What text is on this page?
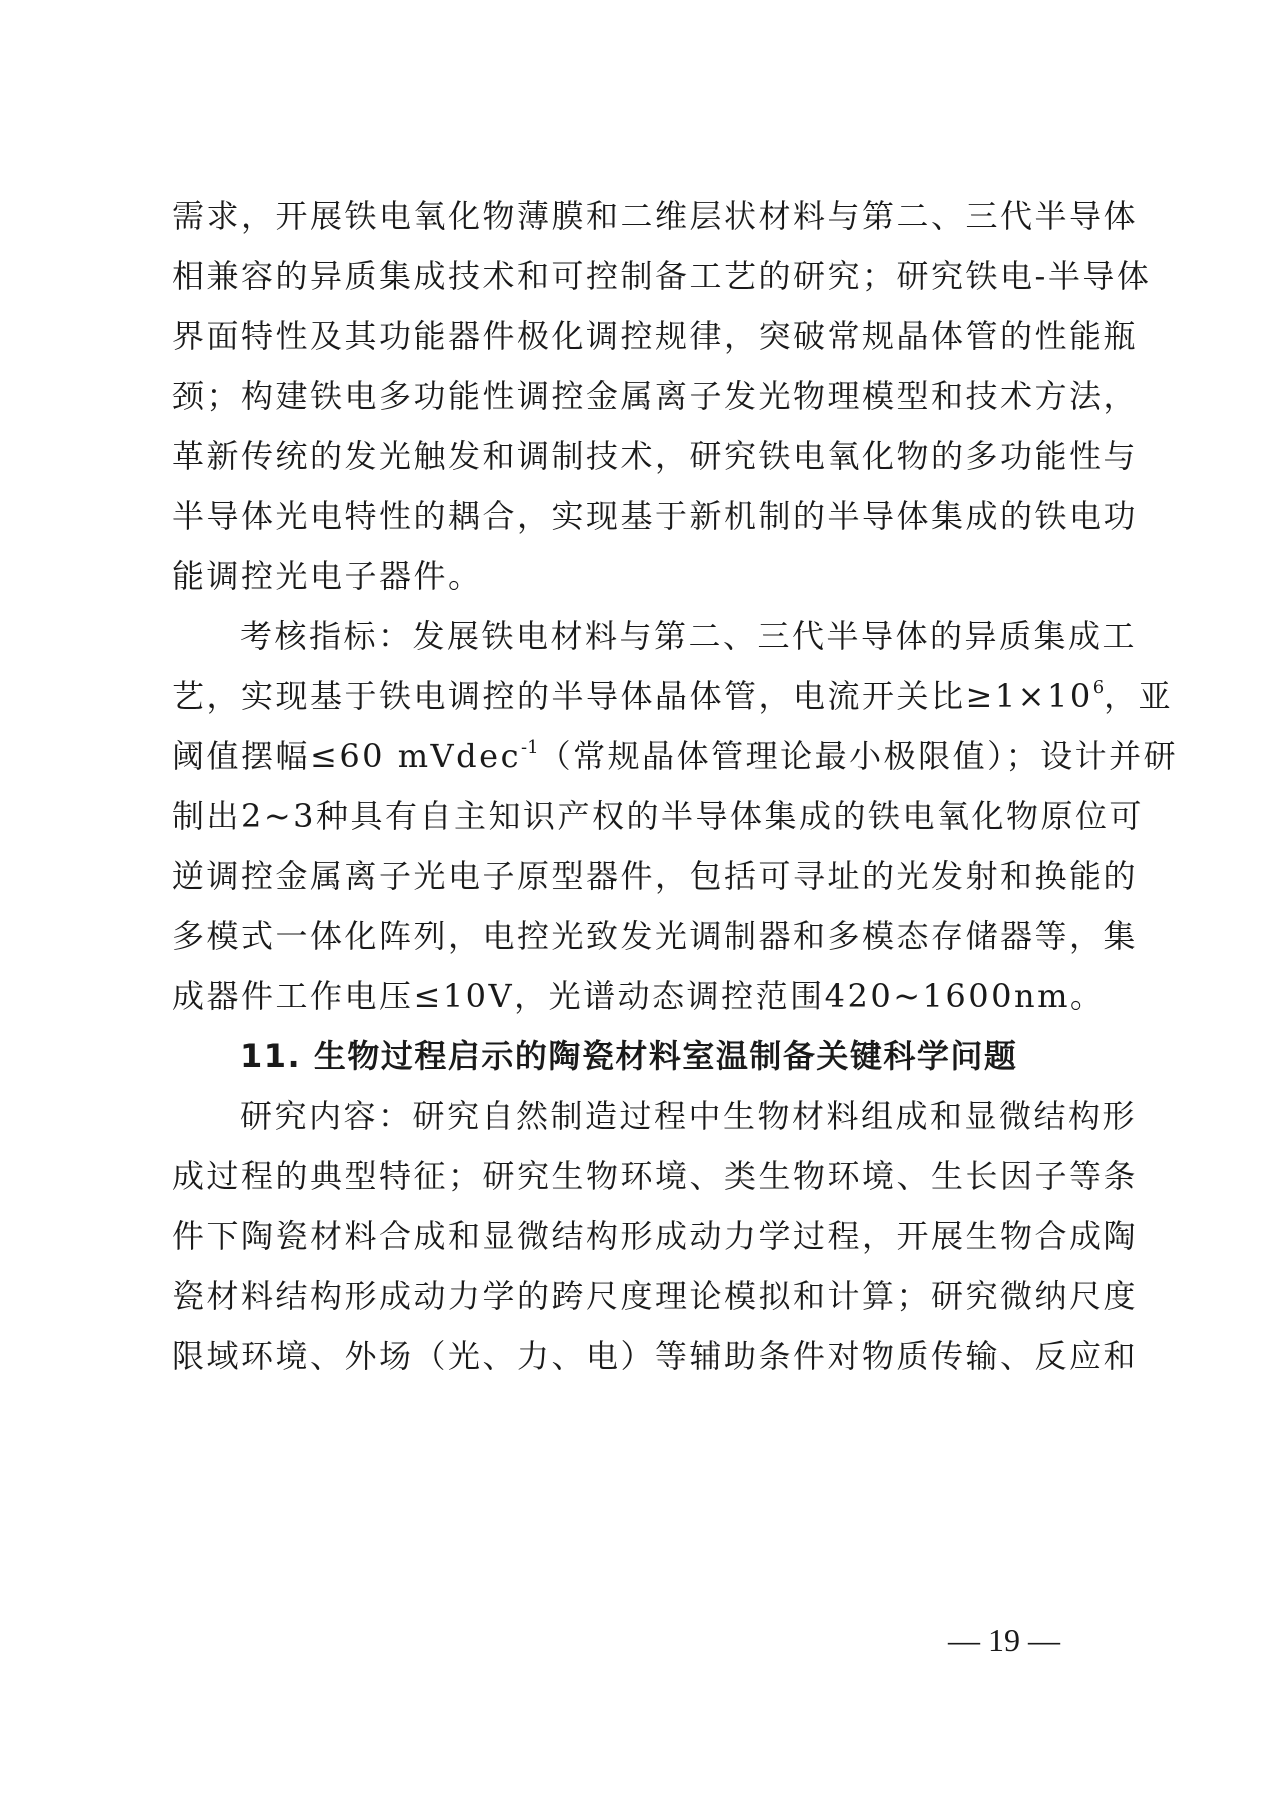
需求，开展铁电氧化物薄膜和二维层状材料与第二、三代半导体
相兼容的异质集成技术和可控制备工艺的研究；研究铁电-半导体
界面特性及其功能器件极化调控规律，突破常规晶体管的性能瓶
颈；构建铁电多功能性调控金属离子发光物理模型和技术方法，
革新传统的发光触发和调制技术，研究铁电氧化物的多功能性与
半导体光电特性的耦合，实现基于新机制的半导体集成的铁电功
能调控光电子器件。
考核指标：发展铁电材料与第二、三代半导体的异质集成工
艺，实现基于铁电调控的半导体晶体管，电流开关比$\ge 1\times 10^6$，亚
阈值摆幅≤60 mVdec$^{-1}$（常规晶体管理论最小极限值）；设计并研
制出2~3种具有自主知识产权的半导体集成的铁电氧化物原位可
逆调控金属离子光电子原型器件，包括可寻址的光发射和换能的
多模式一体化阵列，电控光致发光调制器和多模态存储器等，集
成器件工作电压≤10V，光谱动态调控范围420~1600nm。
11. 生物过程启示的陶瓷材料室温制备关键科学问题
研究内容：研究自然制造过程中生物材料组成和显微结构形
成过程的典型特征；研究生物环境、类生物环境、生长因子等条
件下陶瓷材料合成和显微结构形成动力学过程，开展生物合成陶
瓷材料结构形成动力学的跨尺度理论模拟和计算；研究微纳尺度
限域环境、外场（光、力、电）等辅助条件对物质传输、反应和
— 19 —
